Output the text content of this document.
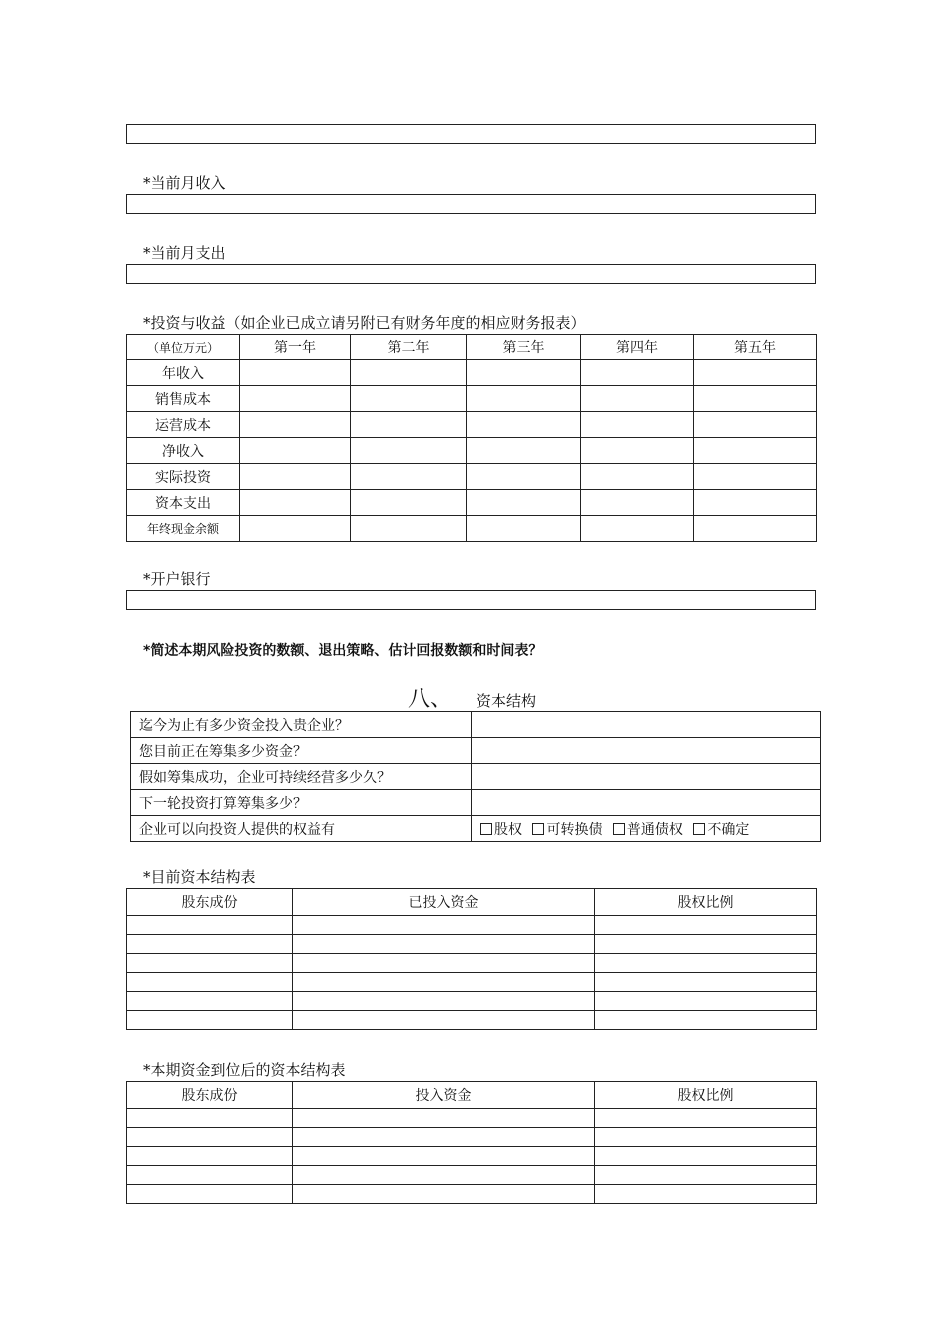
*当前月收入
*当前月支出
*投资与收益（如企业已成立请另附已有财务年度的相应财务报表）
（单位万元）	第一年	第二年	第三年	第四年	第五年
年收入					
销售成本					
运营成本					
净收入					
实际投资					
资本支出					
年终现金余额					
*开户银行
*简述本期风险投资的数额、退出策略、估计回报数额和时间表？
八、 资本结构
迄今为止有多少资金投入贵企业？	
您目前正在筹集多少资金？	
假如筹集成功，企业可持续经营多少久？	
下一轮投资打算筹集多少？	
企业可以向投资人提供的权益有	股权 可转换债 普通债权 不确定
*目前资本结构表
股东成份	已投入资金	股权比例

*本期资金到位后的资本结构表
股东成份	投入资金	股权比例
